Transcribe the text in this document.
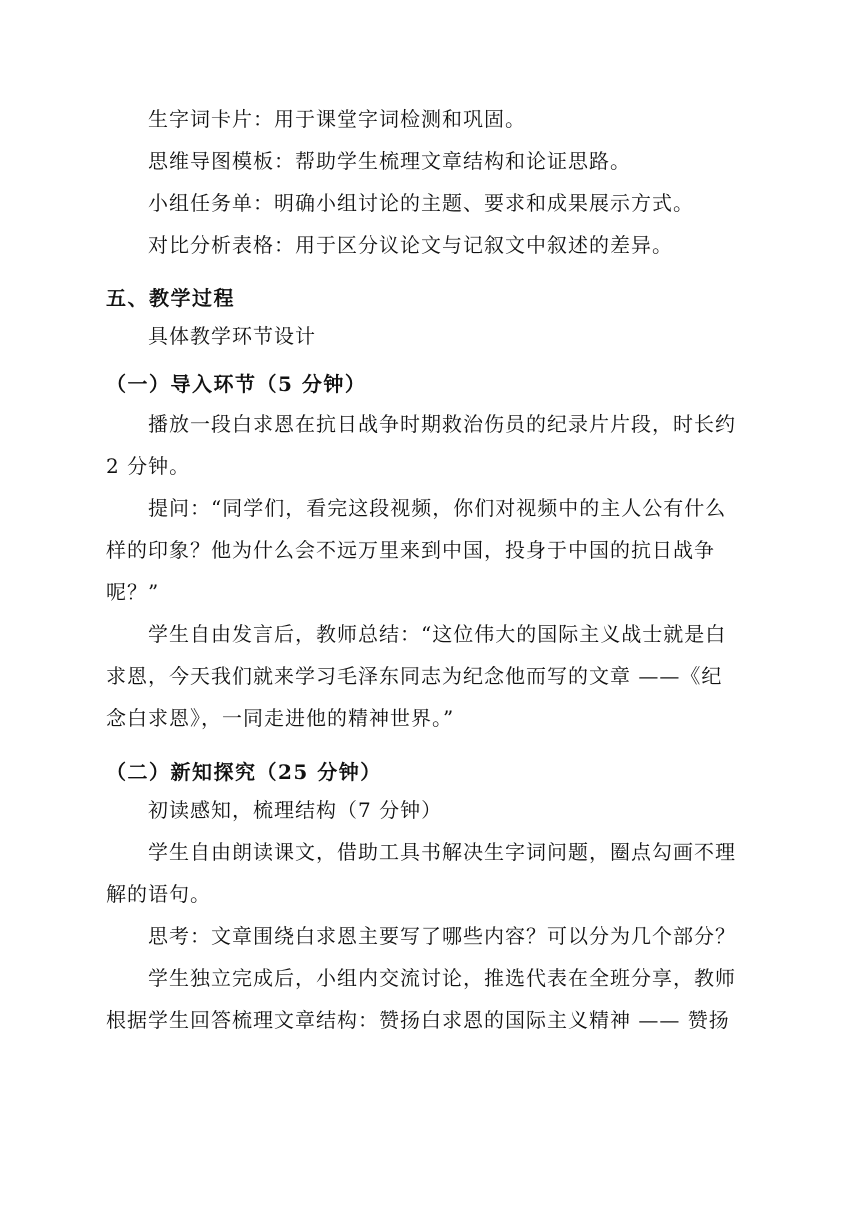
生字词卡片：用于课堂字词检测和巩固。

思维导图模板：帮助学生梳理文章结构和论证思路。

小组任务单：明确小组讨论的主题、要求和成果展示方式。

对比分析表格：用于区分议论文与记叙文中叙述的差异。

五、教学过程

具体教学环节设计

（一）导入环节（5 分钟）

播放一段白求恩在抗日战争时期救治伤员的纪录片片段，时长约

2 分钟。

提问：“同学们，看完这段视频，你们对视频中的主人公有什么

样的印象？他为什么会不远万里来到中国，投身于中国的抗日战争

呢？”

学生自由发言后，教师总结：“这位伟大的国际主义战士就是白

求恩，今天我们就来学习毛泽东同志为纪念他而写的文章 ——《纪

念白求恩》，一同走进他的精神世界。”

（二）新知探究（25 分钟）

初读感知，梳理结构（7 分钟）

学生自由朗读课文，借助工具书解决生字词问题，圈点勾画不理

解的语句。

思考：文章围绕白求恩主要写了哪些内容？可以分为几个部分？

学生独立完成后，小组内交流讨论，推选代表在全班分享，教师

根据学生回答梳理文章结构：赞扬白求恩的国际主义精神 —— 赞扬
